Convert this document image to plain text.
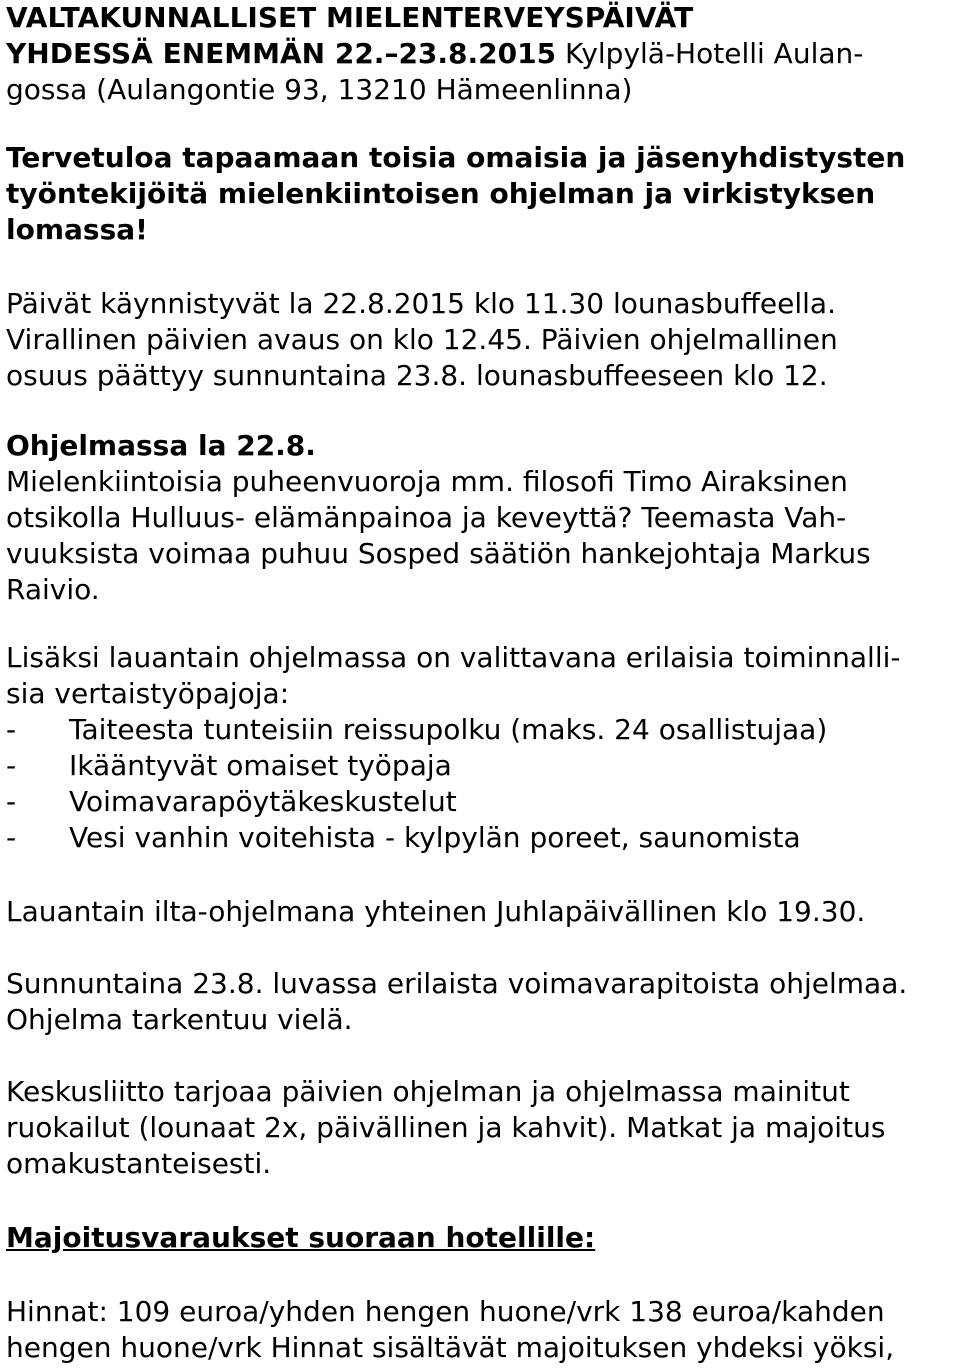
VALTAKUNNALLISET MIELENTERVEYSPÄIVÄT
YHDESSÄ ENEMMÄN 22.–23.8.2015 Kylpylä-Hotelli Aulan-
gossa (Aulangontie 93, 13210 Hämeenlinna)
Tervetuloa tapaamaan toisia omaisia ja jäsenyhdistysten
työntekijöitä mielenkiintoisen ohjelman ja virkistyksen
lomassa!
Päivät käynnistyvät la 22.8.2015 klo 11.30 lounasbuffeella.
Virallinen päivien avaus on klo 12.45. Päivien ohjelmallinen
osuus päättyy sunnuntaina 23.8. lounasbuffeeseen klo 12.
Ohjelmassa la 22.8.
Mielenkiintoisia puheenvuoroja mm. filosofi Timo Airaksinen
otsikolla Hulluus- elämänpainoa ja keveyttä? Teemasta Vah-
vuuksista voimaa puhuu Sosped säätiön hankejohtaja Markus
Raivio.
Lisäksi lauantain ohjelmassa on valittavana erilaisia toiminnalli-
sia vertaistyöpajoja:
- Taiteesta tunteisiin reissupolku (maks. 24 osallistujaa)
- Ikääntyvät omaiset työpaja
- Voimavarapöytäkeskustelut
- Vesi vanhin voitehista - kylpylän poreet, saunomista
Lauantain ilta-ohjelmana yhteinen Juhlapäivällinen klo 19.30.
Sunnuntaina 23.8. luvassa erilaista voimavarapitoista ohjelmaa.
Ohjelma tarkentuu vielä.
Keskusliitto tarjoaa päivien ohjelman ja ohjelmassa mainitut
ruokailut (lounaat 2x, päivällinen ja kahvit). Matkat ja majoitus
omakustanteisesti.
Majoitusvaraukset suoraan hotellille:
Hinnat: 109 euroa/yhden hengen huone/vrk 138 euroa/kahden
hengen huone/vrk Hinnat sisältävät majoituksen yhdeksi yöksi,
